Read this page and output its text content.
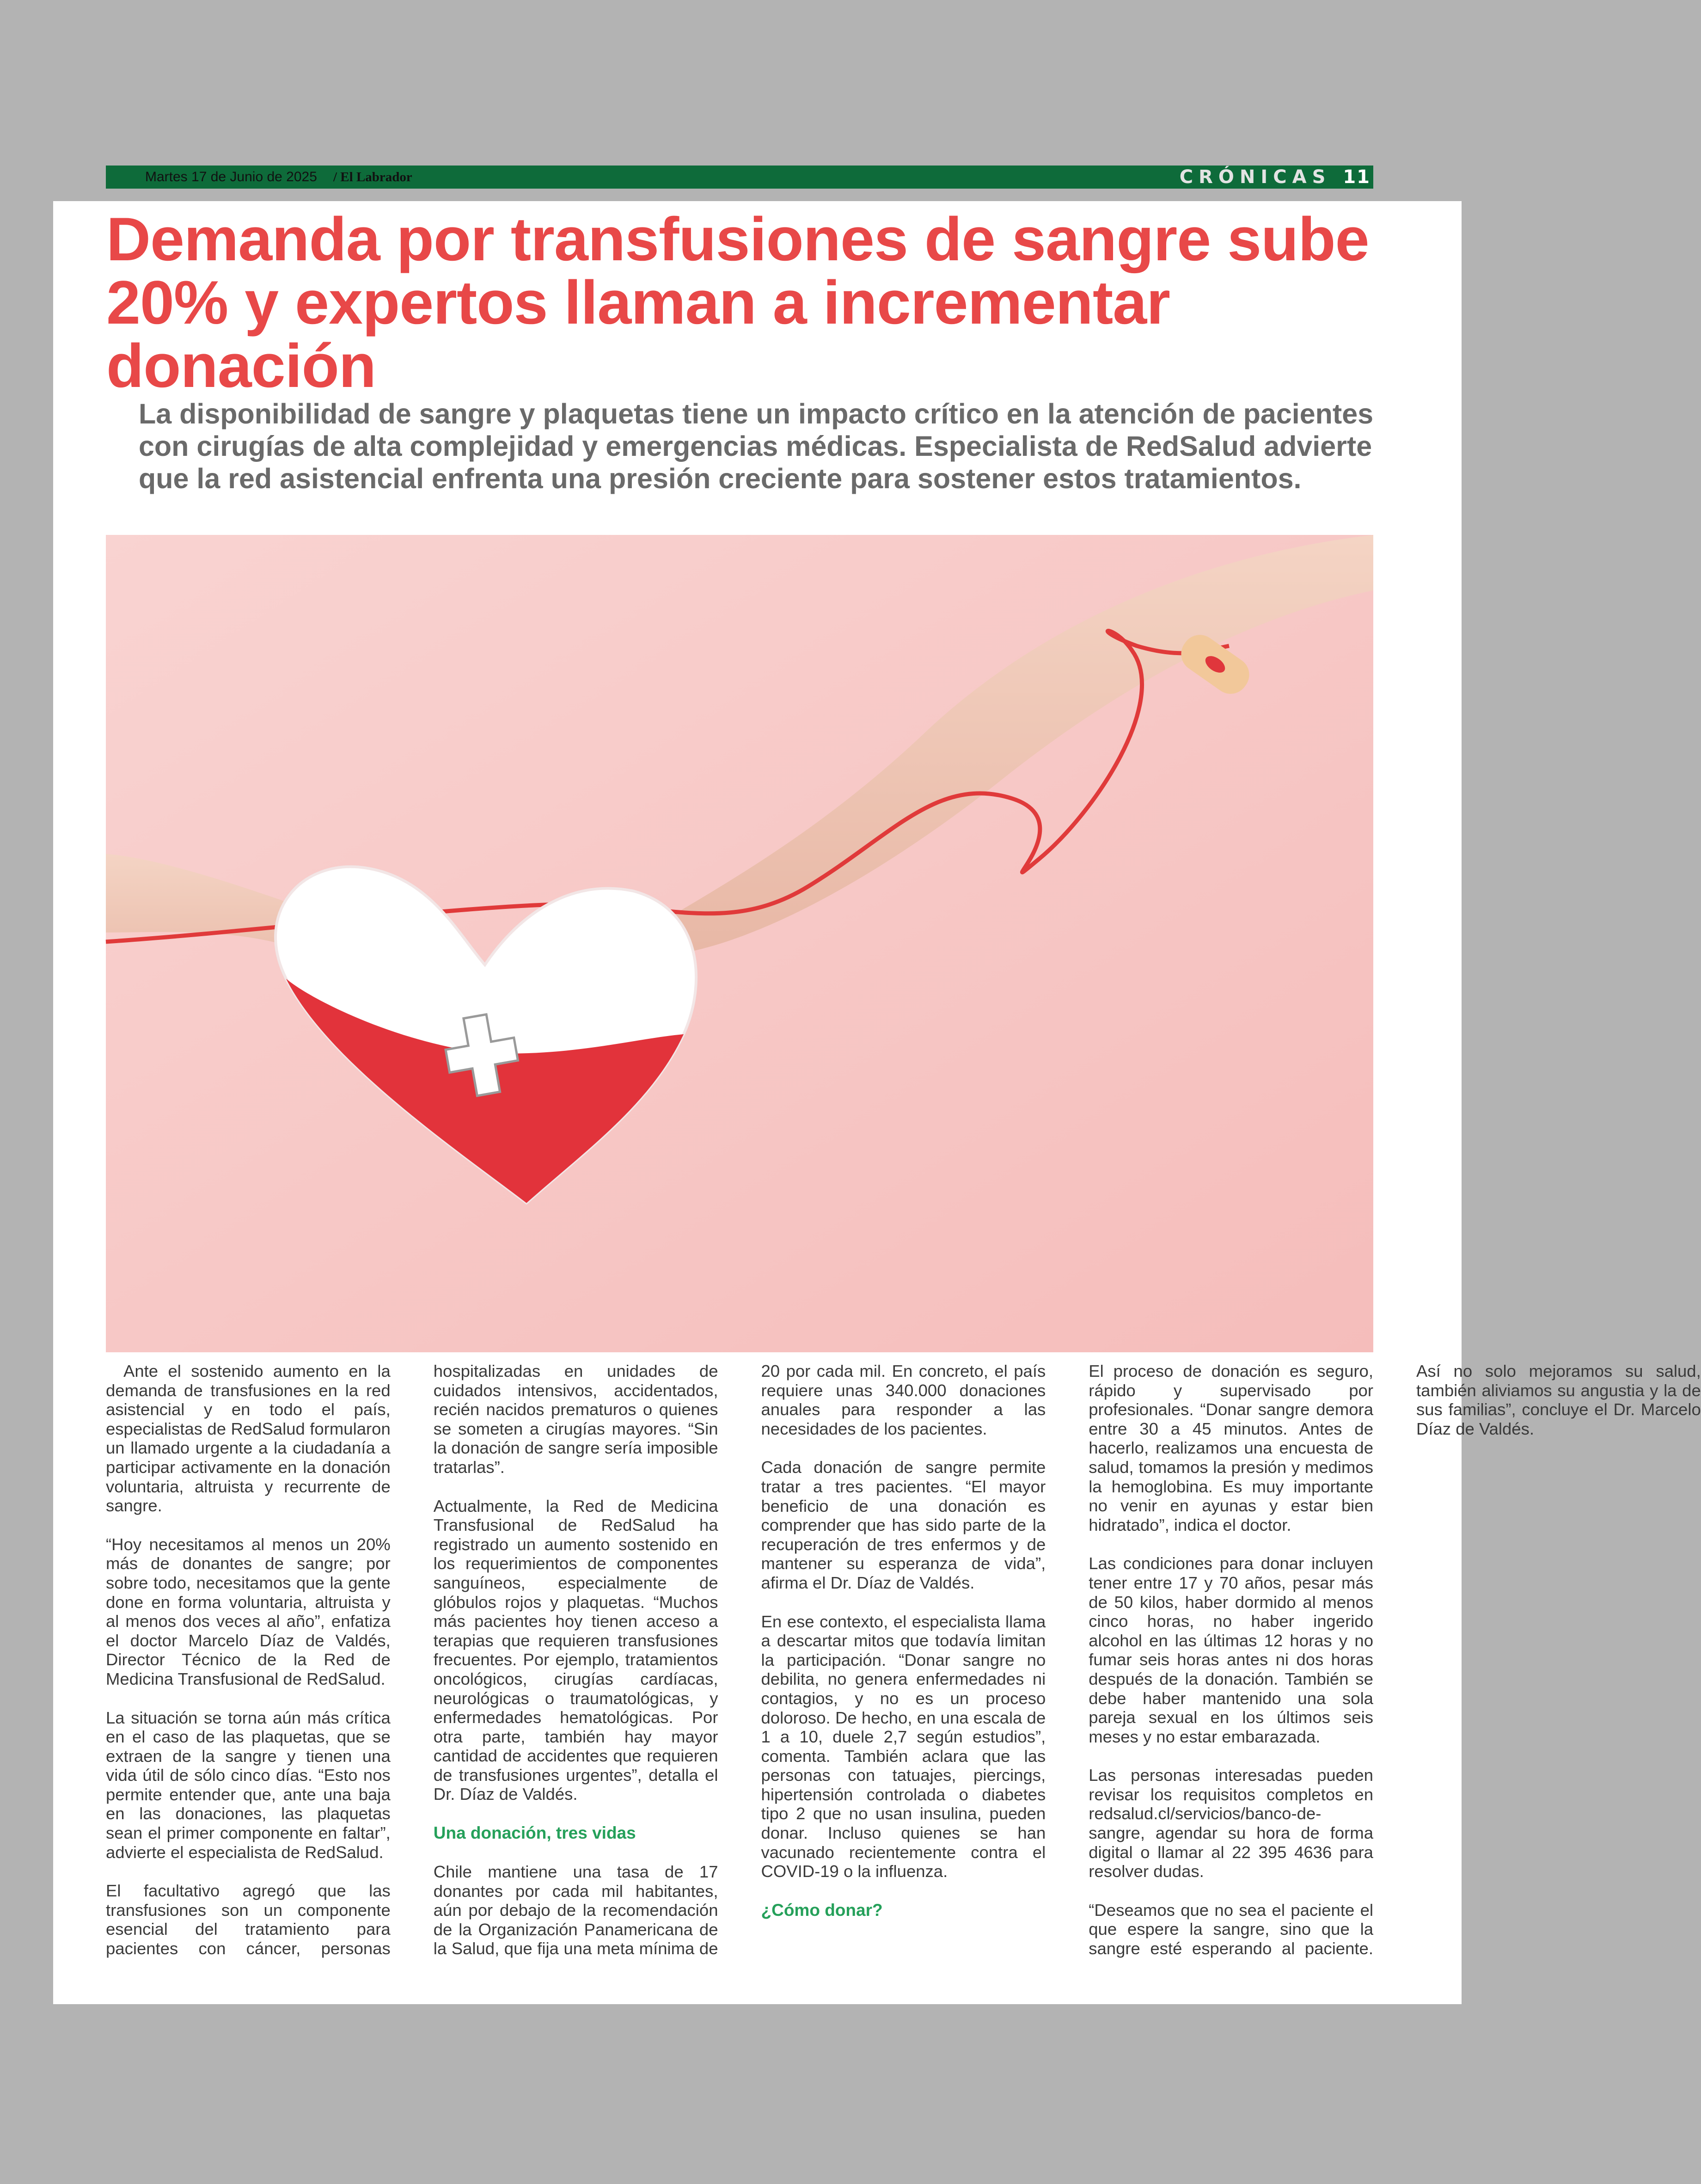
Martes 17 de Junio de 2025 / El Labrador	CRÓNICAS 11
Demanda por transfusiones de sangre sube 20% y expertos llaman a incrementar donación

La disponibilidad de sangre y plaquetas tiene un impacto crítico en la atención de pacientes con cirugías de alta complejidad y emergencias médicas. Especialista de RedSalud advierte que la red asistencial enfrenta una presión creciente para sostener estos tratamientos.

Ante el sostenido aumento en la demanda de transfusiones en la red asistencial y en todo el país, especialistas de RedSalud formularon un llamado urgente a la ciudadanía a participar activamente en la donación voluntaria, altruista y recurrente de sangre.

“Hoy necesitamos al menos un 20% más de donantes de sangre; por sobre todo, necesitamos que la gente done en forma voluntaria, altruista y al menos dos veces al año”, enfatiza el doctor Marcelo Díaz de Valdés, Director Técnico de la Red de Medicina Transfusional de RedSalud.

La situación se torna aún más crítica en el caso de las plaquetas, que se extraen de la sangre y tienen una vida útil de sólo cinco días. “Esto nos permite entender que, ante una baja en las donaciones, las plaquetas sean el primer componente en faltar”, advierte el especialista de RedSalud.

El facultativo agregó que las transfusiones son un componente esencial del tratamiento para pacientes con cáncer, personas hospitalizadas en unidades de cuidados intensivos, accidentados, recién nacidos prematuros o quienes se someten a cirugías mayores. “Sin la donación de sangre sería imposible tratarlas”.

Actualmente, la Red de Medicina Transfusional de RedSalud ha registrado un aumento sostenido en los requerimientos de componentes sanguíneos, especialmente de glóbulos rojos y plaquetas. “Muchos más pacientes hoy tienen acceso a terapias que requieren transfusiones frecuentes. Por ejemplo, tratamientos oncológicos, cirugías cardíacas, neurológicas o traumatológicas, y enfermedades hematológicas. Por otra parte, también hay mayor cantidad de accidentes que requieren de transfusiones urgentes”, detalla el Dr. Díaz de Valdés.

Una donación, tres vidas

Chile mantiene una tasa de 17 donantes por cada mil habitantes, aún por debajo de la recomendación de la Organización Panamericana de la Salud, que fija una meta mínima de 20 por cada mil. En concreto, el país requiere unas 340.000 donaciones anuales para responder a las necesidades de los pacientes.

Cada donación de sangre permite tratar a tres pacientes. “El mayor beneficio de una donación es comprender que has sido parte de la recuperación de tres enfermos y de mantener su esperanza de vida”, afirma el Dr. Díaz de Valdés.

En ese contexto, el especialista llama a descartar mitos que todavía limitan la participación. “Donar sangre no debilita, no genera enfermedades ni contagios, y no es un proceso doloroso. De hecho, en una escala de 1 a 10, duele 2,7 según estudios”, comenta. También aclara que las personas con tatuajes, piercings, hipertensión controlada o diabetes tipo 2 que no usan insulina, pueden donar. Incluso quienes se han vacunado recientemente contra el COVID-19 o la influenza.

¿Cómo donar?

El proceso de donación es seguro, rápido y supervisado por profesionales. “Donar sangre demora entre 30 a 45 minutos. Antes de hacerlo, realizamos una encuesta de salud, tomamos la presión y medimos la hemoglobina. Es muy importante no venir en ayunas y estar bien hidratado”, indica el doctor.

Las condiciones para donar incluyen tener entre 17 y 70 años, pesar más de 50 kilos, haber dormido al menos cinco horas, no haber ingerido alcohol en las últimas 12 horas y no fumar seis horas antes ni dos horas después de la donación. También se debe haber mantenido una sola pareja sexual en los últimos seis meses y no estar embarazada.

Las personas interesadas pueden revisar los requisitos completos en redsalud.cl/servicios/banco-de-sangre, agendar su hora de forma digital o llamar al 22 395 4636 para resolver dudas.

“Deseamos que no sea el paciente el que espere la sangre, sino que la sangre esté esperando al paciente. Así no solo mejoramos su salud, también aliviamos su angustia y la de sus familias”, concluye el Dr. Marcelo Díaz de Valdés.
